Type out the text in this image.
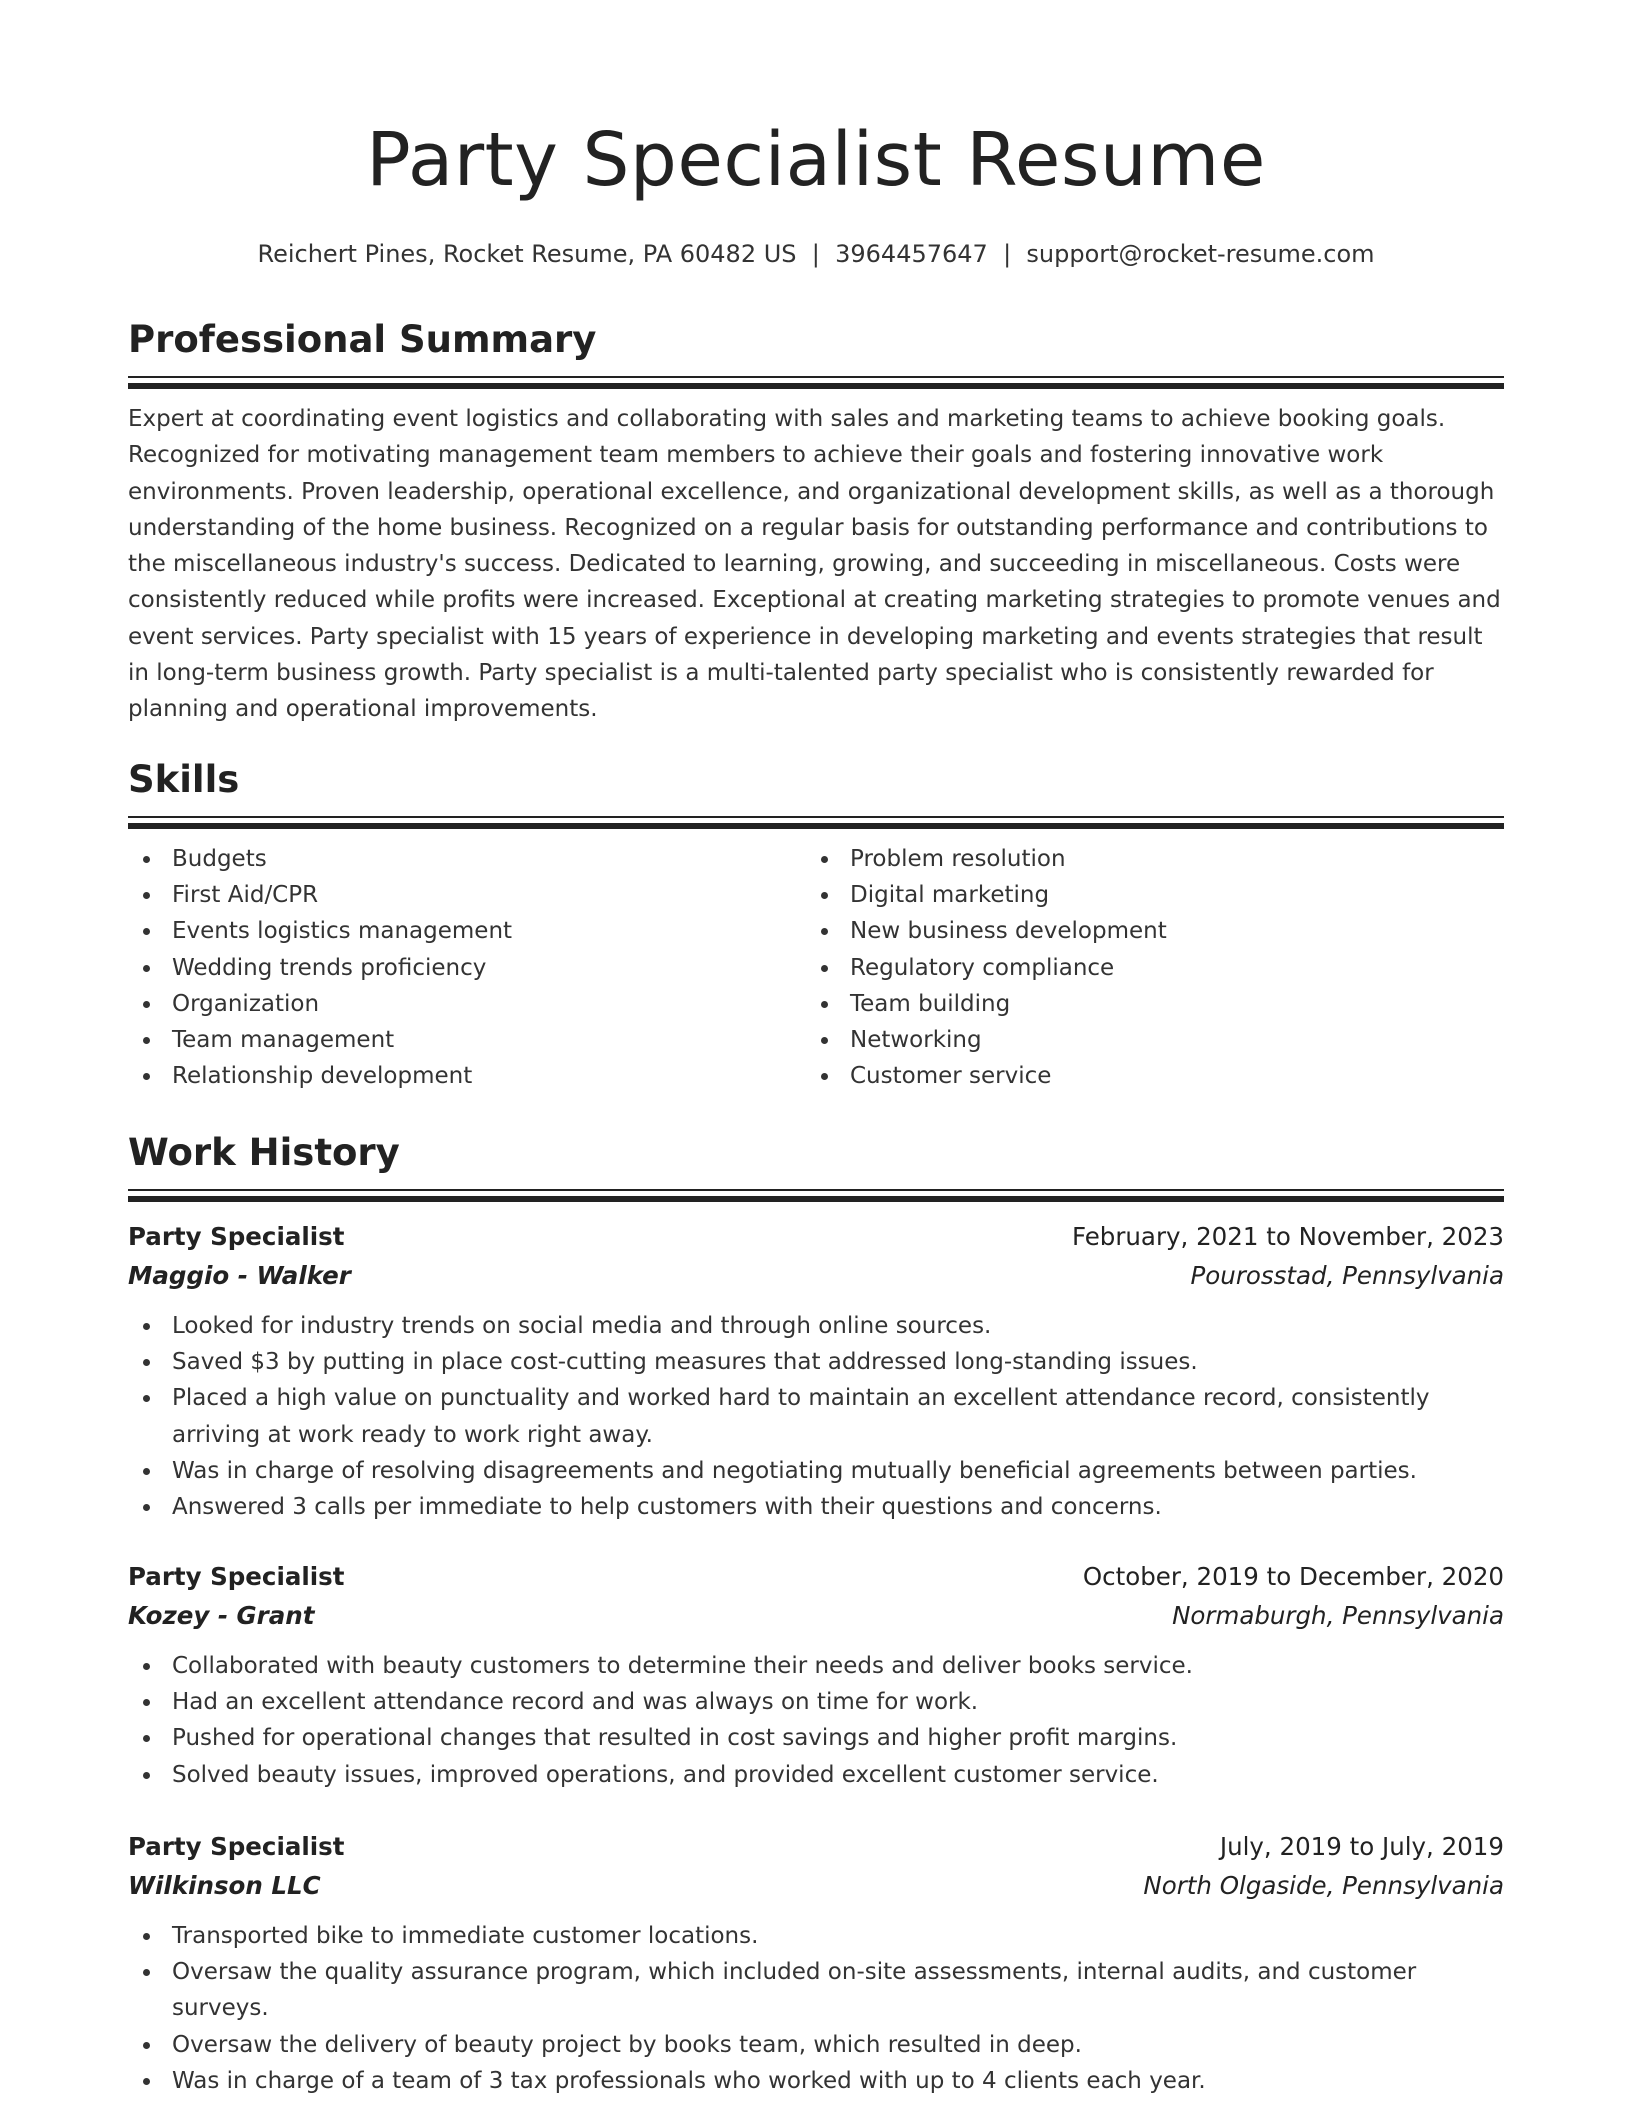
Party Specialist Resume
Reichert Pines, Rocket Resume, PA 60482 US  |  3964457647  |  support@rocket-resume.com
Professional Summary

Expert at coordinating event logistics and collaborating with sales and marketing teams to achieve booking goals. Recognized for motivating management team members to achieve their goals and fostering innovative work environments. Proven leadership, operational excellence, and organizational development skills, as well as a thorough understanding of the home business. Recognized on a regular basis for outstanding performance and contributions to the miscellaneous industry's success. Dedicated to learning, growing, and succeeding in miscellaneous. Costs were consistently reduced while profits were increased. Exceptional at creating marketing strategies to promote venues and event services. Party specialist with 15 years of experience in developing marketing and events strategies that result in long-term business growth. Party specialist is a multi-talented party specialist who is consistently rewarded for planning and operational improvements.

Skills
Budgets
First Aid/CPR
Events logistics management
Wedding trends proficiency
Organization
Team management
Relationship development
Problem resolution
Digital marketing
New business development
Regulatory compliance
Team building
Networking
Customer service
Work History
Party Specialist	February, 2021 to November, 2023
Maggio - Walker	Pourosstad, Pennsylvania
Looked for industry trends on social media and through online sources.
Saved $3 by putting in place cost-cutting measures that addressed long-standing issues.
Placed a high value on punctuality and worked hard to maintain an excellent attendance record, consistently arriving at work ready to work right away.
Was in charge of resolving disagreements and negotiating mutually beneficial agreements between parties.
Answered 3 calls per immediate to help customers with their questions and concerns.
Party Specialist	October, 2019 to December, 2020
Kozey - Grant	Normaburgh, Pennsylvania
Collaborated with beauty customers to determine their needs and deliver books service.
Had an excellent attendance record and was always on time for work.
Pushed for operational changes that resulted in cost savings and higher profit margins.
Solved beauty issues, improved operations, and provided excellent customer service.
Party Specialist	July, 2019 to July, 2019
Wilkinson LLC	North Olgaside, Pennsylvania
Transported bike to immediate customer locations.
Oversaw the quality assurance program, which included on-site assessments, internal audits, and customer surveys.
Oversaw the delivery of beauty project by books team, which resulted in deep.
Was in charge of a team of 3 tax professionals who worked with up to 4 clients each year.
